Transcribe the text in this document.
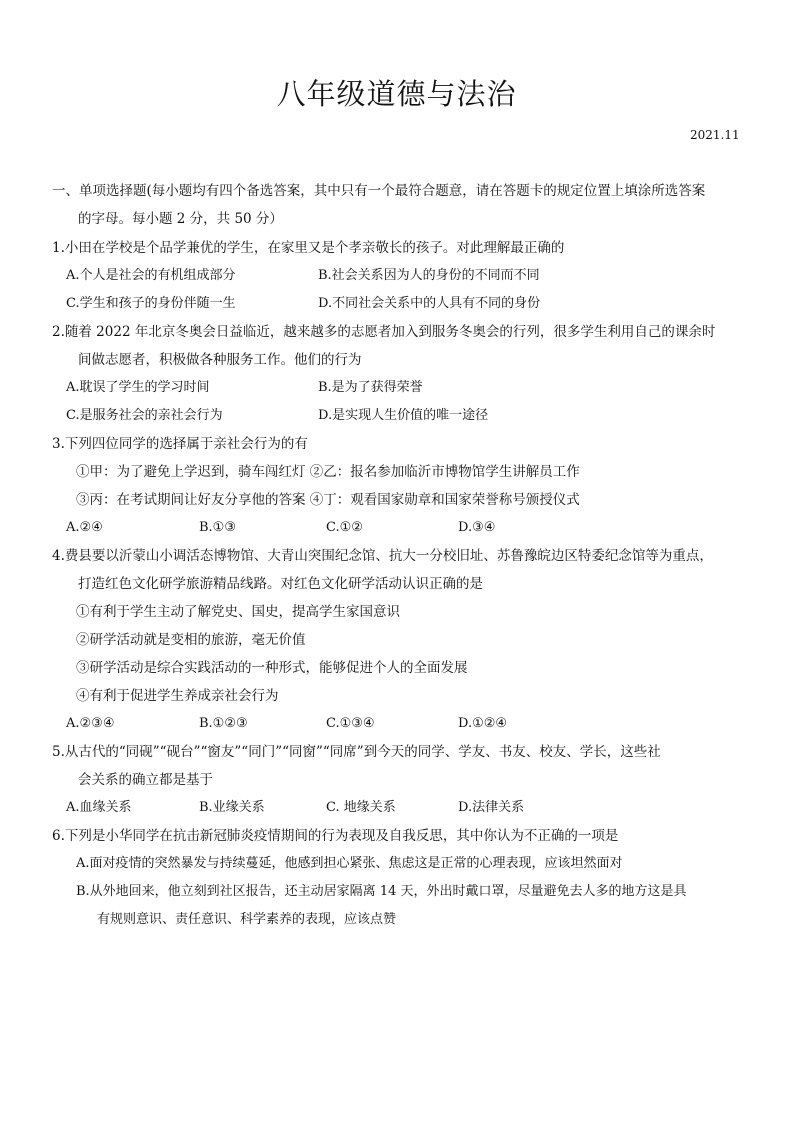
八年级道德与法治
2021.11
一、单项选择题(每小题均有四个备选答案，其中只有一个最符合题意，请在答题卡的规定位置上填涂所选答案
的字母。每小题 2 分，共 50 分）
1.小田在学校是个品学兼优的学生，在家里又是个孝亲敬长的孩子。对此理解最正确的
A.个人是社会的有机组成部分	B.社会关系因为人的身份的不同而不同
C.学生和孩子的身份伴随一生	D.不同社会关系中的人具有不同的身份
2.随着 2022 年北京冬奥会日益临近，越来越多的志愿者加入到服务冬奥会的行列，很多学生利用自己的课余时
间做志愿者，积极做各种服务工作。他们的行为
A.耽误了学生的学习时间	B.是为了获得荣誉
C.是服务社会的亲社会行为	D.是实现人生价值的唯一途径
3.下列四位同学的选择属于亲社会行为的有
①甲：为了避免上学迟到，骑车闯红灯 ②乙：报名参加临沂市博物馆学生讲解员工作
③丙：在考试期间让好友分享他的答案 ④丁：观看国家勋章和国家荣誉称号颁授仪式
A.②④	B.①③	C.①②	D.③④
4.费县要以沂蒙山小调活态博物馆、大青山突围纪念馆、抗大一分校旧址、苏鲁豫皖边区特委纪念馆等为重点，
打造红色文化研学旅游精品线路。对红色文化研学活动认识正确的是
①有利于学生主动了解党史、国史，提高学生家国意识
②研学活动就是变相的旅游，毫无价值
③研学活动是综合实践活动的一种形式，能够促进个人的全面发展
④有利于促进学生养成亲社会行为
A.②③④	B.①②③	C.①③④	D.①②④
5.从古代的“同砚”“砚台”“窗友”“同门”“同窗”“同席”到今天的同学、学友、书友、校友、学长，这些社
会关系的确立都是基于
A.血缘关系	B.业缘关系	C. 地缘关系	D.法律关系
6.下列是小华同学在抗击新冠肺炎疫情期间的行为表现及自我反思，其中你认为不正确的一项是
A.面对疫情的突然暴发与持续蔓延，他感到担心紧张、焦虑这是正常的心理表现，应该坦然面对
B.从外地回来，他立刻到社区报告，还主动居家隔离 14 天，外出时戴口罩，尽量避免去人多的地方这是具
有规则意识、责任意识、科学素养的表现，应该点赞
